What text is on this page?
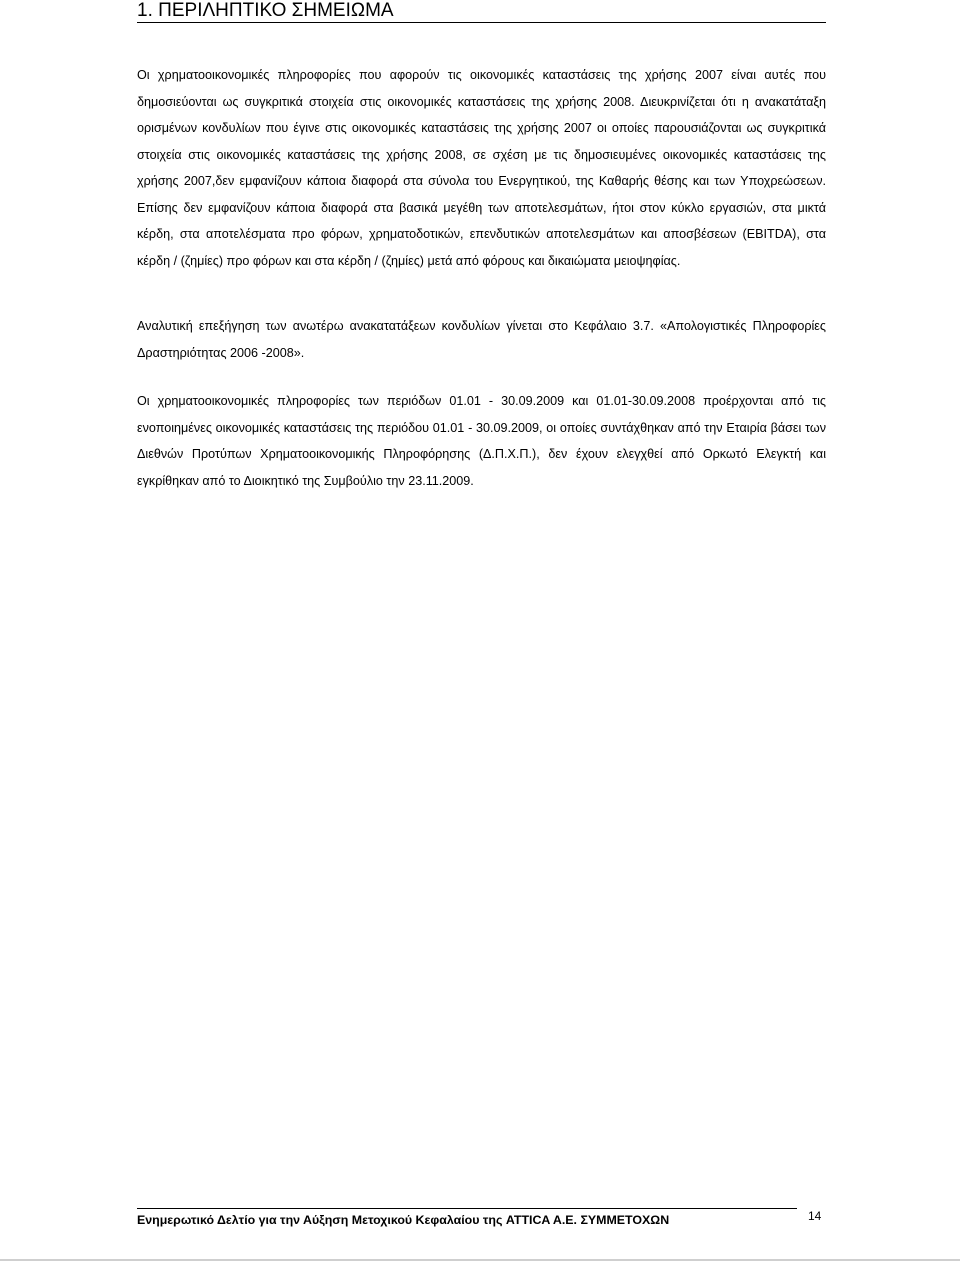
1. ΠΕΡΙΛΗΠΤΙΚΟ ΣΗΜΕΙΩΜΑ

Οι χρηματοοικονομικές πληροφορίες που αφορούν τις οικονομικές καταστάσεις της χρήσης 2007 είναι αυτές που δημοσιεύονται ως συγκριτικά στοιχεία στις οικονομικές καταστάσεις της χρήσης 2008. Διευκρινίζεται ότι η ανακατάταξη ορισμένων κονδυλίων που έγινε στις οικονομικές καταστάσεις της χρήσης 2007 οι οποίες παρουσιάζονται ως συγκριτικά στοιχεία στις οικονομικές καταστάσεις της χρήσης 2008, σε σχέση με τις δημοσιευμένες οικονομικές καταστάσεις της χρήσης 2007,δεν εμφανίζουν κάποια διαφορά στα σύνολα του Ενεργητικού, της Καθαρής θέσης και των Υποχρεώσεων. Επίσης δεν εμφανίζουν κάποια διαφορά στα βασικά μεγέθη των αποτελεσμάτων, ήτοι στον κύκλο εργασιών, στα μικτά κέρδη, στα αποτελέσματα προ φόρων, χρηματοδοτικών, επενδυτικών αποτελεσμάτων και αποσβέσεων (EBITDA), στα κέρδη / (ζημίες) προ φόρων και στα κέρδη / (ζημίες) μετά από φόρους και δικαιώματα μειοψηφίας.

Αναλυτική επεξήγηση των ανωτέρω ανακατατάξεων κονδυλίων γίνεται στο Κεφάλαιο 3.7. «Απολογιστικές Πληροφορίες Δραστηριότητας 2006 -2008».

Οι χρηματοοικονομικές πληροφορίες των περιόδων 01.01 - 30.09.2009 και 01.01-30.09.2008 προέρχονται από τις ενοποιημένες οικονομικές καταστάσεις της περιόδου 01.01 - 30.09.2009, οι οποίες συντάχθηκαν από την Εταιρία βάσει των Διεθνών Προτύπων Χρηματοοικονομικής Πληροφόρησης (Δ.Π.Χ.Π.), δεν έχουν ελεγχθεί από Ορκωτό Ελεγκτή και εγκρίθηκαν από το Διοικητικό της Συμβούλιο την 23.11.2009.

Ενημερωτικό Δελτίο για την Αύξηση Μετοχικού Κεφαλαίου της ATTICA A.E. ΣΥΜΜΕΤΟΧΩΝ	14
